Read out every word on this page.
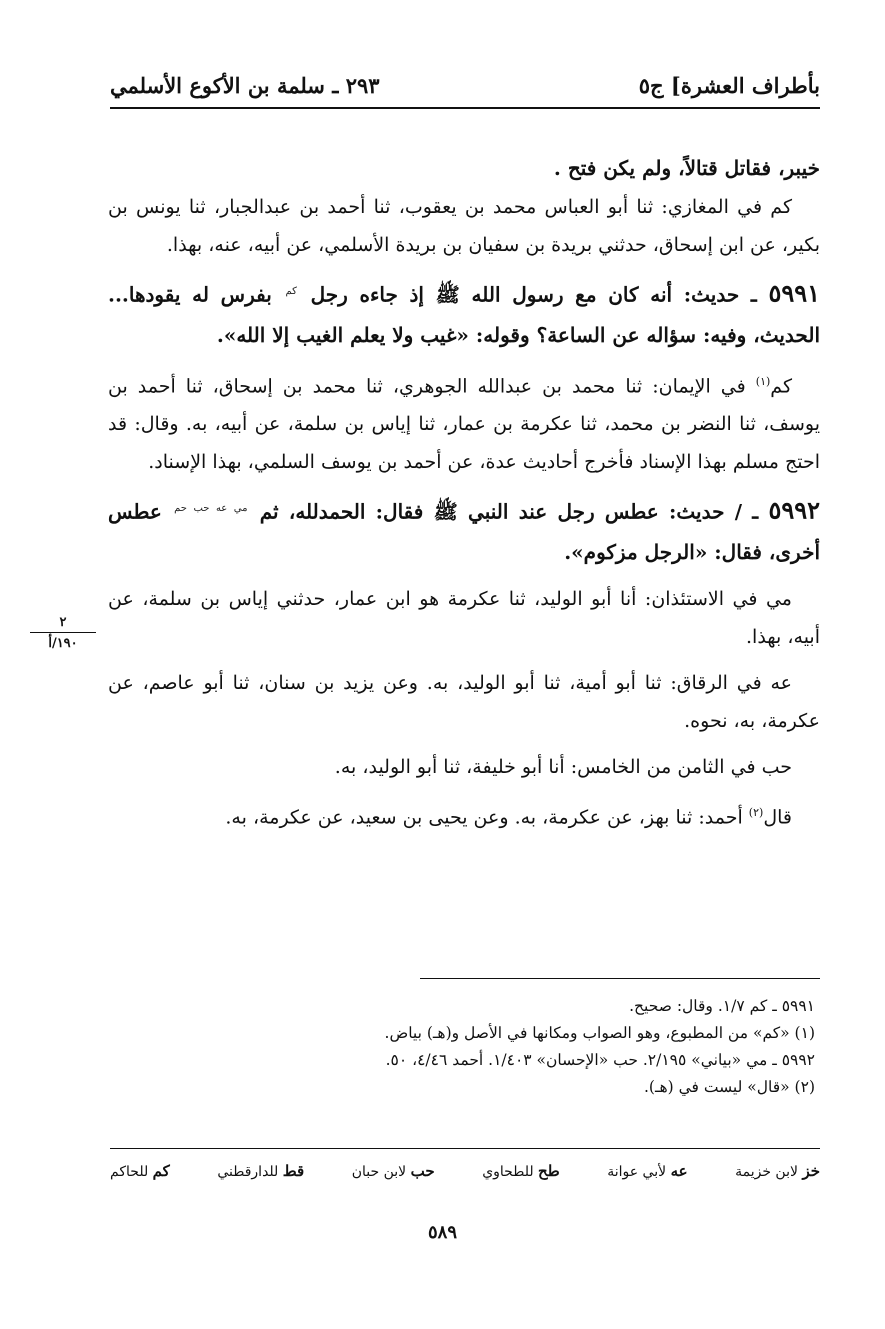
بأطراف العشرة] ج٥
٢٩٣ ـ سلمة بن الأكوع الأسلمي

خيبر، فقاتل قتالاً، ولم يكن فتح .

كم في المغازي: ثنا أبو العباس محمد بن يعقوب، ثنا أحمد بن عبدالجبار، ثنا يونس بن بكير، عن ابن إسحاق، حدثني بريدة بن سفيان بن بريدة الأسلمي، عن أبيه، عنه، بهذا.

٥٩٩١ ـ حديث: أنه كان مع رسول الله ﷺ إذ جاءه رجل $^{كم}$ بفرس له يقودها... الحديث، وفيه: سؤاله عن الساعة؟ وقوله: «غيب ولا يعلم الغيب إلا الله».

كم$^{(١)}$ في الإيمان: ثنا محمد بن عبدالله الجوهري، ثنا محمد بن إسحاق، ثنا أحمد بن يوسف، ثنا النضر بن محمد، ثنا عكرمة بن عمار، ثنا إياس بن سلمة، عن أبيه، به. وقال: قد احتج مسلم بهذا الإسناد فأخرج أحاديث عدة، عن أحمد بن يوسف السلمي، بهذا الإسناد.

٥٩٩٢ ـ / حديث: عطس رجل عند النبي ﷺ فقال: الحمدلله، ثم $^{مي عه حب حم}$ عطس أخرى، فقال: «الرجل مزكوم».

مي في الاستئذان: أنا أبو الوليد، ثنا عكرمة هو ابن عمار، حدثني إياس بن سلمة، عن أبيه، بهذا.

عه في الرقاق: ثنا أبو أمية، ثنا أبو الوليد، به. وعن يزيد بن سنان، ثنا أبو عاصم، عن عكرمة، به، نحوه.

حب في الثامن من الخامس: أنا أبو خليفة، ثنا أبو الوليد، به.

قال$^{(٢)}$ أحمد: ثنا بهز، عن عكرمة، به. وعن يحيى بن سعيد، عن عكرمة، به.

٢
١٩٠/أ
٥٩٩١ ـ كم ١/٧. وقال: صحيح.
(١) «كم» من المطبوع، وهو الصواب ومكانها في الأصل و(هـ) بياض.
٥٩٩٢ ـ مي «بياني» ٢/١٩٥. حب «الإحسان» ١/٤٠٣. أحمد ٤/٤٦، ٥٠.
(٢) «قال» ليست في (هـ).
خز لابن خزيمة
عه لأبي عوانة
طح للطحاوي
حب لابن حبان
قط للدارقطني
كم للحاكم
٥٨٩
